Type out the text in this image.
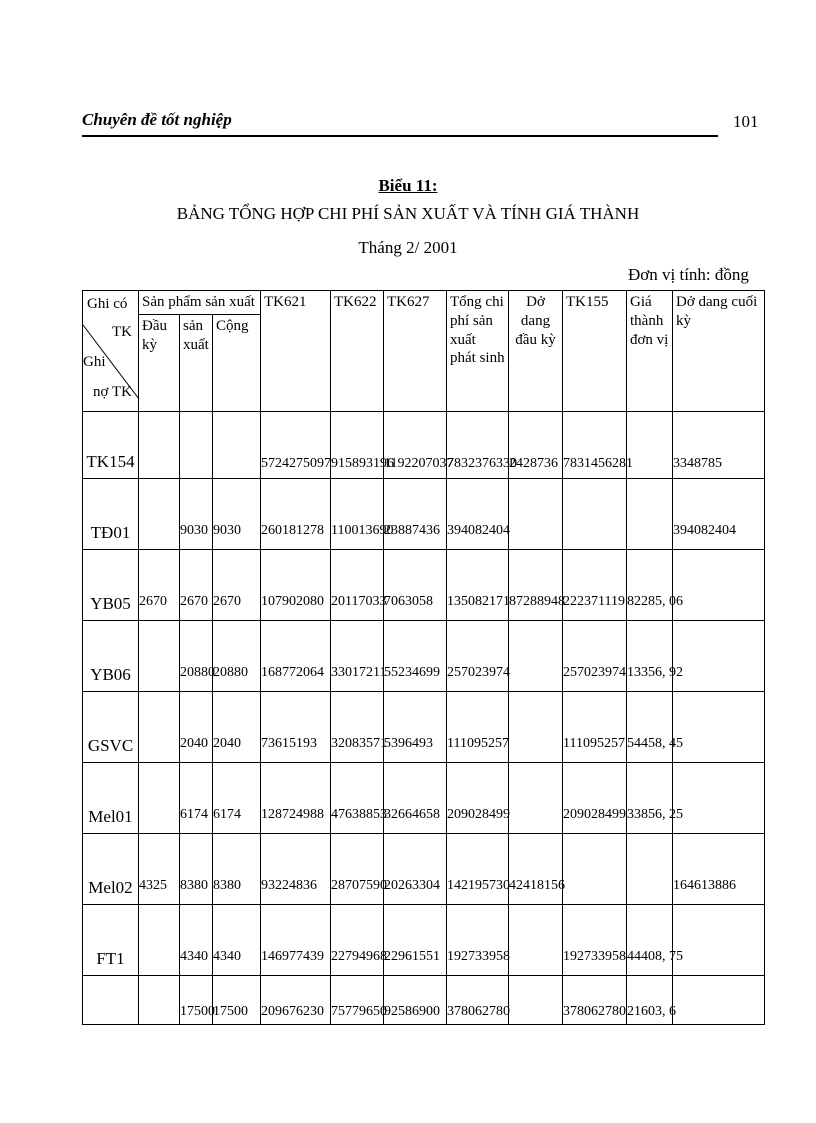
Chuyên đề tốt nghiệp	101
Biểu 11:
BẢNG TỔNG HỢP CHI PHÍ SẢN XUẤT VÀ TÍNH GIÁ THÀNH
Tháng 2/ 2001
Đơn vị tính: đồng
Ghi có
TK
Ghi
nợ TK	Sản phẩm sản xuất			TK621	TK622	TK627	Tổng chi phí sản xuất phát sinh	Dở dang đầu kỳ	TK155	Giá thành đơn vị	Dở dang cuối kỳ
	Đầu kỳ	sản xuất	Cộng								
TK154				5724275097	915893196	1192207037	7832376330	2428736	7831456281		3348785
TĐ01		9030	9030	260181278	110013690	23887436	394082404				394082404
YB05	2670	2670	2670	107902080	20117033	7063058	135082171	87288948	222371119	82285, 06	
YB06		20880	20880	168772064	33017211	55234699	257023974		257023974	13356, 92	
GSVC		2040	2040	73615193	32083571	5396493	111095257		111095257	54458, 45	
Mel01		6174	6174	128724988	47638853	32664658	209028499		209028499	33856, 25	
Mel02	4325	8380	8380	93224836	28707590	20263304	142195730	42418156			164613886
FT1		4340	4340	146977439	22794968	22961551	192733958		192733958	44408, 75	
		17500	17500	209676230	75779650	92586900	378062780		378062780	21603, 6	
